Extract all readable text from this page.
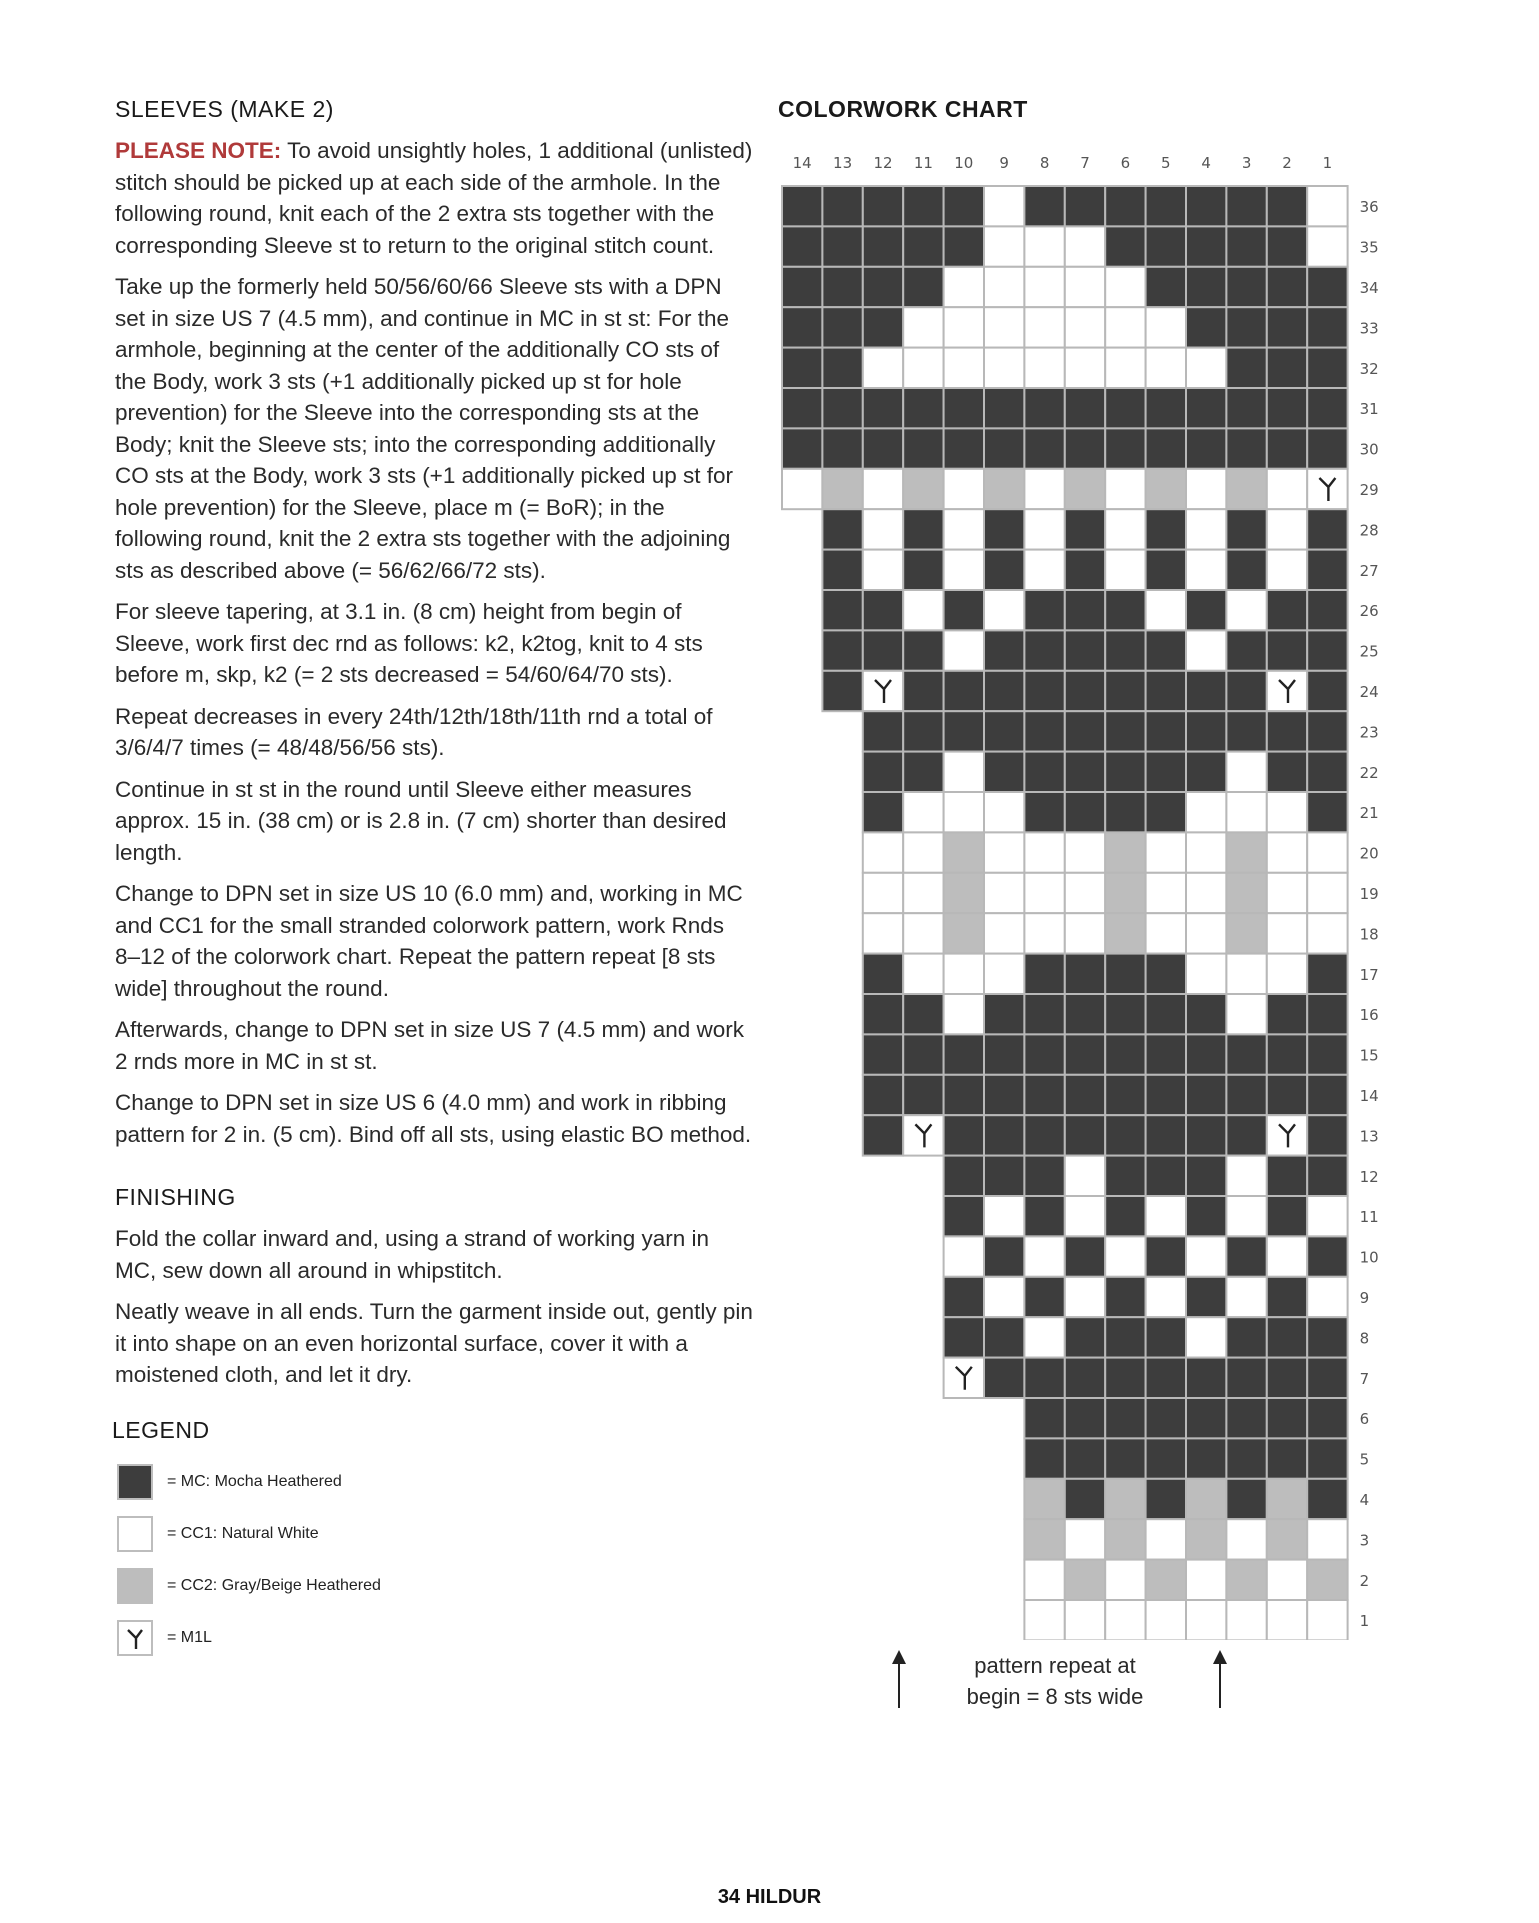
SLEEVES (MAKE 2)

PLEASE NOTE: To avoid unsightly holes, 1 additional (unlisted) stitch should be picked up at each side of the armhole. In the following round, knit each of the 2 extra sts together with the corresponding Sleeve st to return to the original stitch count.

Take up the formerly held 50/56/60/66 Sleeve sts with a DPN set in size US 7 (4.5 mm), and continue in MC in st st: For the armhole, beginning at the center of the additionally CO sts of the Body, work 3 sts (+1 additionally picked up st for hole prevention) for the Sleeve into the corresponding sts at the Body; knit the Sleeve sts; into the corresponding additionally CO sts at the Body, work 3 sts (+1 additionally picked up st for hole prevention) for the Sleeve, place m (= BoR); in the following round, knit the 2 extra sts together with the adjoining sts as described above (= 56/62/66/72 sts).

For sleeve tapering, at 3.1 in. (8 cm) height from begin of Sleeve, work first dec rnd as follows: k2, k2tog, knit to 4 sts before m, skp, k2 (= 2 sts decreased = 54/60/64/70 sts).

Repeat decreases in every 24th/12th/18th/11th rnd a total of 3/6/4/7 times (= 48/48/56/56 sts).

Continue in st st in the round until Sleeve either measures approx. 15 in. (38 cm) or is 2.8 in. (7 cm) shorter than desired length.

Change to DPN set in size US 10 (6.0 mm) and, working in MC and CC1 for the small stranded colorwork pattern, work Rnds 8–12 of the colorwork chart. Repeat the pattern repeat [8 sts wide] throughout the round.

Afterwards, change to DPN set in size US 7 (4.5 mm) and work 2 rnds more in MC in st st.

Change to DPN set in size US 6 (4.0 mm) and work in ribbing pattern for 2 in. (5 cm). Bind off all sts, using elastic BO method.

FINISHING

Fold the collar inward and, using a strand of working yarn in MC, sew down all around in whipstitch.

Neatly weave in all ends. Turn the garment inside out, gently pin it into shape on an even horizontal surface, cover it with a moistened cloth, and let it dry.

LEGEND
= MC: Mocha Heathered
= CC1: Natural White
= CC2: Gray/Beige Heathered
= M1L
COLORWORK CHART
14 13 12 11 10 9 8 7 6 5 4 3 2 1
36
35
34
33
32
31
30
29
28
27
26
25
24
23
22
21
20
19
18
17
16
15
14
13
12
11
10
9
8
7
6
5
4
3
2
1
pattern repeat at begin = 8 sts wide
34 HILDUR
